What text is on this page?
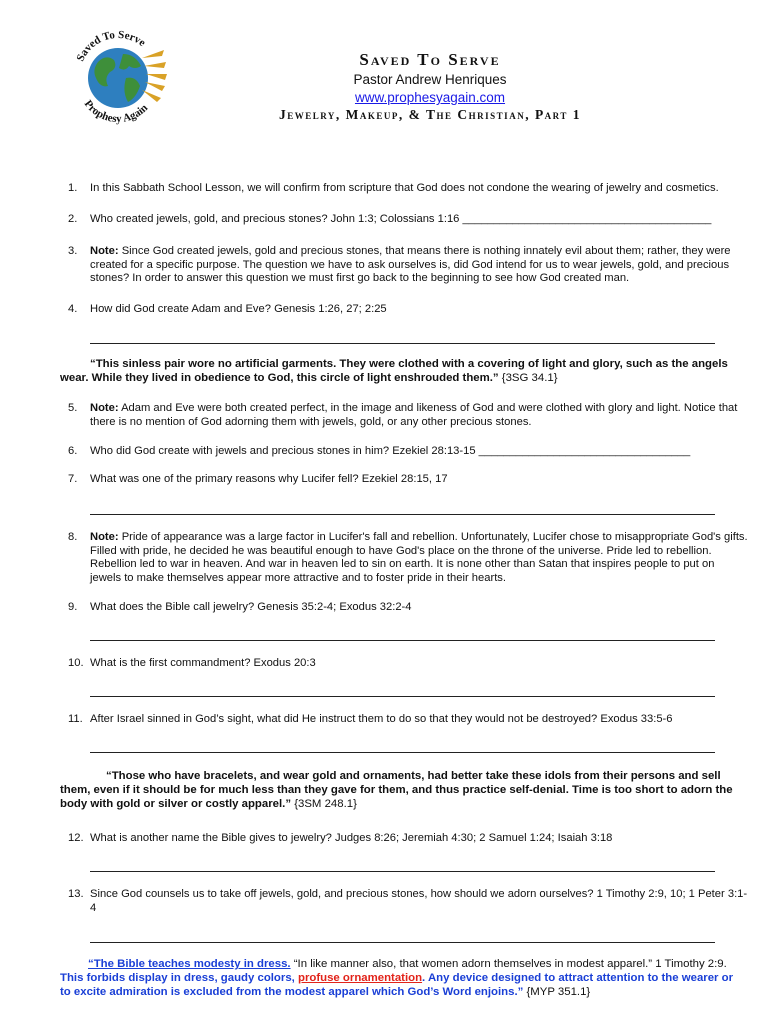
Saved To Serve
Prophesy Again
Saved To Serve
Pastor Andrew Henriques
www.prophesyagain.com
Jewelry, Makeup, & The Christian, Part 1
1.	In this Sabbath School Lesson, we will confirm from scripture that God does not condone the wearing of jewelry and cosmetics.
2.	Who created jewels, gold, and precious stones? John 1:3; Colossians 1:16 ________________________________________
3.	Note: Since God created jewels, gold and precious stones, that means there is nothing innately evil about them; rather, they were created for a specific purpose. The question we have to ask ourselves is, did God intend for us to wear jewels, gold, and precious stones? In order to answer this question we must first go back to the beginning to see how God created man.
4.	How did God create Adam and Eve? Genesis 1:26, 27; 2:25
“This sinless pair wore no artificial garments. They were clothed with a covering of light and glory, such as the angels wear. While they lived in obedience to God, this circle of light enshrouded them.” {3SG 34.1}
5.	Note: Adam and Eve were both created perfect, in the image and likeness of God and were clothed with glory and light. Notice that there is no mention of God adorning them with jewels, gold, or any other precious stones.
6.	Who did God create with jewels and precious stones in him? Ezekiel 28:13-15 __________________________________
7.	What was one of the primary reasons why Lucifer fell? Ezekiel 28:15, 17
8.	Note: Pride of appearance was a large factor in Lucifer's fall and rebellion. Unfortunately, Lucifer chose to misappropriate God's gifts. Filled with pride, he decided he was beautiful enough to have God's place on the throne of the universe. Pride led to rebellion. Rebellion led to war in heaven. And war in heaven led to sin on earth. It is none other than Satan that inspires people to put on jewels to make themselves appear more attractive and to foster pride in their hearts.
9.	What does the Bible call jewelry? Genesis 35:2-4; Exodus 32:2-4
10. What is the first commandment? Exodus 20:3
11. After Israel sinned in God’s sight, what did He instruct them to do so that they would not be destroyed? Exodus 33:5-6
“Those who have bracelets, and wear gold and ornaments, had better take these idols from their persons and sell them, even if it should be for much less than they gave for them, and thus practice self-denial. Time is too short to adorn the body with gold or silver or costly apparel.” {3SM 248.1}
12. What is another name the Bible gives to jewelry? Judges 8:26; Jeremiah 4:30; 2 Samuel 1:24; Isaiah 3:18
13. Since God counsels us to take off jewels, gold, and precious stones, how should we adorn ourselves? 1 Timothy 2:9, 10; 1 Peter 3:1-4
“The Bible teaches modesty in dress. “In like manner also, that women adorn themselves in modest apparel.” 1 Timothy 2:9. This forbids display in dress, gaudy colors, profuse ornamentation. Any device designed to attract attention to the wearer or to excite admiration is excluded from the modest apparel which God’s Word enjoins.” {MYP 351.1}
